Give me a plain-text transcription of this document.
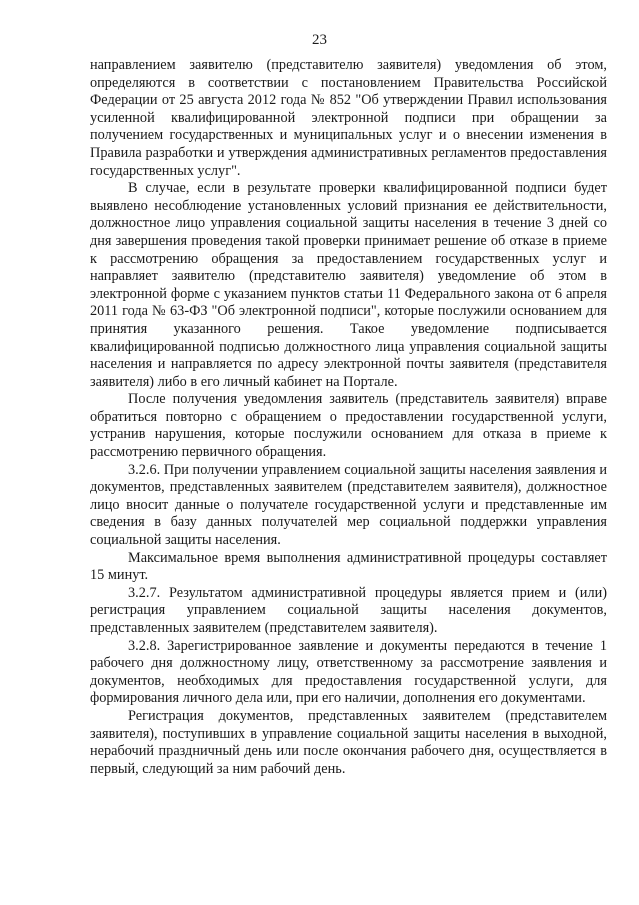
23

направлением заявителю (представителю заявителя) уведомления об этом, определяются в соответствии с постановлением Правительства Российской Федерации от 25 августа 2012 года № 852 "Об утверждении Правил использования усиленной квалифицированной электронной подписи при обращении за получением государственных и муниципальных услуг и о внесении изменения в Правила разработки и утверждения административных регламентов предоставления государственных услуг".

В случае, если в результате проверки квалифицированной подписи будет выявлено несоблюдение установленных условий признания ее действительности, должностное лицо управления социальной защиты населения в течение 3 дней со дня завершения проведения такой проверки принимает решение об отказе в приеме к рассмотрению обращения за предоставлением государственных услуг и направляет заявителю (представителю заявителя) уведомление об этом в электронной форме с указанием пунктов статьи 11 Федерального закона от 6 апреля 2011 года № 63-ФЗ "Об электронной подписи", которые послужили основанием для принятия указанного решения. Такое уведомление подписывается квалифицированной подписью должностного лица управления социальной защиты населения и направляется по адресу электронной почты заявителя (представителя заявителя) либо в его личный кабинет на Портале.

После получения уведомления заявитель (представитель заявителя) вправе обратиться повторно с обращением о предоставлении государственной услуги, устранив нарушения, которые послужили основанием для отказа в приеме к рассмотрению первичного обращения.

3.2.6. При получении управлением социальной защиты населения заявления и документов, представленных заявителем (представителем заявителя), должностное лицо вносит данные о получателе государственной услуги и представленные им сведения в базу данных получателей мер социальной поддержки управления социальной защиты населения.

Максимальное время выполнения административной процедуры составляет 15 минут.

3.2.7. Результатом административной процедуры является прием и (или) регистрация управлением социальной защиты населения документов, представленных заявителем (представителем заявителя).

3.2.8. Зарегистрированное заявление и документы передаются в течение 1 рабочего дня должностному лицу, ответственному за рассмотрение заявления и документов, необходимых для предоставления государственной услуги, для формирования личного дела или, при его наличии, дополнения его документами.

Регистрация документов, представленных заявителем (представителем заявителя), поступивших в управление социальной защиты населения в выходной, нерабочий праздничный день или после окончания рабочего дня, осуществляется в первый, следующий за ним рабочий день.
